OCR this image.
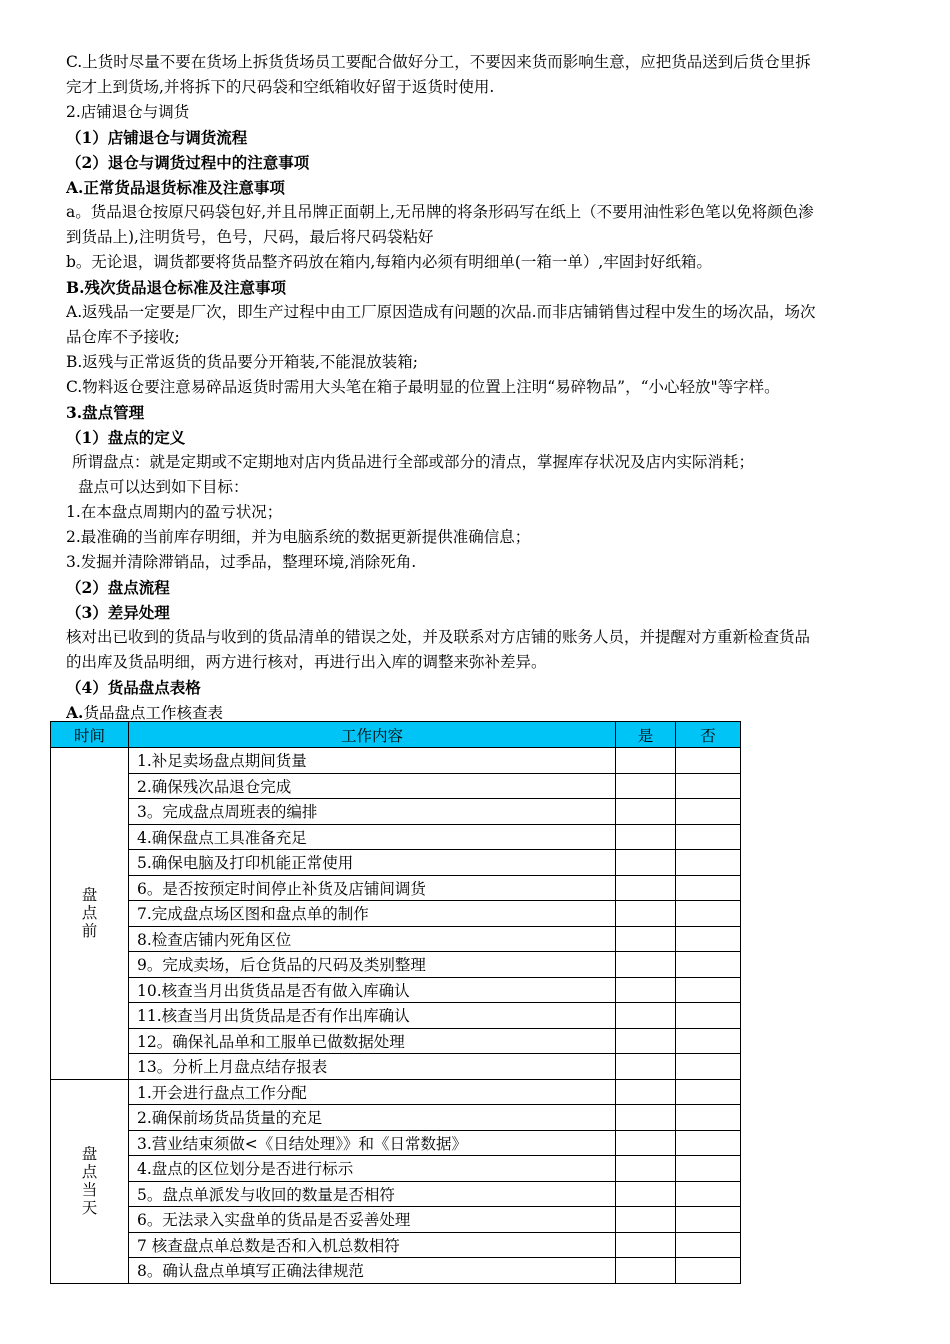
C.上货时尽量不要在货场上拆货货场员工要配合做好分工，不要因来货而影响生意，应把货品送到后货仓里拆
完才上到货场,并将拆下的尺码袋和空纸箱收好留于返货时使用.
2.店铺退仓与调货
（1）店铺退仓与调货流程
（2）退仓与调货过程中的注意事项
A.正常货品退货标准及注意事项
a。货品退仓按原尺码袋包好,并且吊牌正面朝上,无吊牌的将条形码写在纸上（不要用油性彩色笔以免将颜色渗
到货品上),注明货号，色号，尺码，最后将尺码袋粘好
b。无论退，调货都要将货品整齐码放在箱内,每箱内必须有明细单(一箱一单）,牢固封好纸箱。
B.残次货品退仓标准及注意事项
A.返残品一定要是厂次，即生产过程中由工厂原因造成有问题的次品.而非店铺销售过程中发生的场次品，场次
品仓库不予接收;
B.返残与正常返货的货品要分开箱装,不能混放装箱;
C.物料返仓要注意易碎品返货时需用大头笔在箱子最明显的位置上注明“易碎物品”，“小心轻放"等字样。
3.盘点管理
（1）盘点的定义
所谓盘点：就是定期或不定期地对店内货品进行全部或部分的清点，掌握库存状况及店内实际消耗；
盘点可以达到如下目标：
1.在本盘点周期内的盈亏状况；
2.最准确的当前库存明细，并为电脑系统的数据更新提供准确信息；
3.发掘并清除滞销品，过季品，整理环境,消除死角.
（2）盘点流程
（3）差异处理
核对出已收到的货品与收到的货品清单的错误之处，并及联系对方店铺的账务人员，并提醒对方重新检查货品
的出库及货品明细，两方进行核对，再进行出入库的调整来弥补差异。
（4）货品盘点表格
A.货品盘点工作核查表
时间	工作内容	是	否

盘
点
前	1.补足卖场盘点期间货量		
	2.确保残次品退仓完成		
	3。完成盘点周班表的编排		
	4.确保盘点工具准备充足		
	5.确保电脑及打印机能正常使用		
	6。是否按预定时间停止补货及店铺间调货		
	7.完成盘点场区图和盘点单的制作		
	8.检查店铺内死角区位		
	9。完成卖场，后仓货品的尺码及类别整理		
	10.核查当月出货货品是否有做入库确认		
	11.核查当月出货货品是否有作出库确认		
	12。确保礼品单和工服单已做数据处理		
	13。分析上月盘点结存报表		

盘
点
当
天	1.开会进行盘点工作分配		
	2.确保前场货品货量的充足		
	3.营业结束须做<《日结处理》》和《日常数据》		
	4.盘点的区位划分是否进行标示		
	5。盘点单派发与收回的数量是否相符		
	6。无法录入实盘单的货品是否妥善处理		
	7 核查盘点单总数是否和入机总数相符		
	8。确认盘点单填写正确法律规范		
